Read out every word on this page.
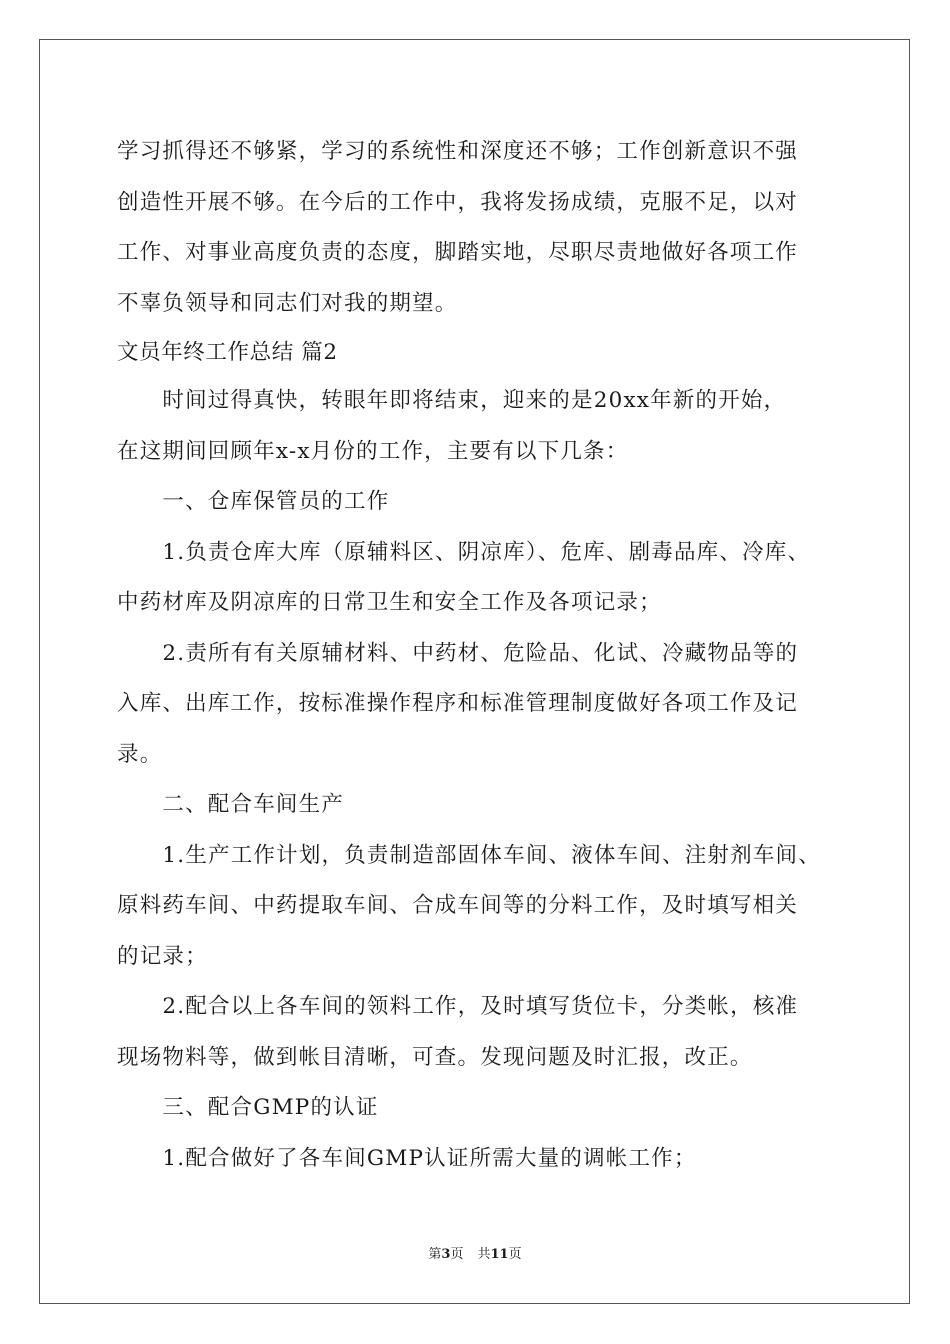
学习抓得还不够紧，学习的系统性和深度还不够；工作创新意识不强
创造性开展不够。在今后的工作中，我将发扬成绩，克服不足，以对
工作、对事业高度负责的态度，脚踏实地，尽职尽责地做好各项工作
不辜负领导和同志们对我的期望。
文员年终工作总结 篇2
　　时间过得真快，转眼年即将结束，迎来的是20xx年新的开始，
在这期间回顾年x-x月份的工作，主要有以下几条：
　　一、仓库保管员的工作
　　1.负责仓库大库（原辅料区、阴凉库）、危库、剧毒品库、冷库、
中药材库及阴凉库的日常卫生和安全工作及各项记录；
　　2.责所有有关原辅材料、中药材、危险品、化试、冷藏物品等的
入库、出库工作，按标准操作程序和标准管理制度做好各项工作及记
录。
　　二、配合车间生产
　　1.生产工作计划，负责制造部固体车间、液体车间、注射剂车间、
原料药车间、中药提取车间、合成车间等的分料工作，及时填写相关
的记录；
　　2.配合以上各车间的领料工作，及时填写货位卡，分类帐，核准
现场物料等，做到帐目清晰，可查。发现问题及时汇报，改正。
　　三、配合GMP的认证
　　1.配合做好了各车间GMP认证所需大量的调帐工作；
第3页 共11页
